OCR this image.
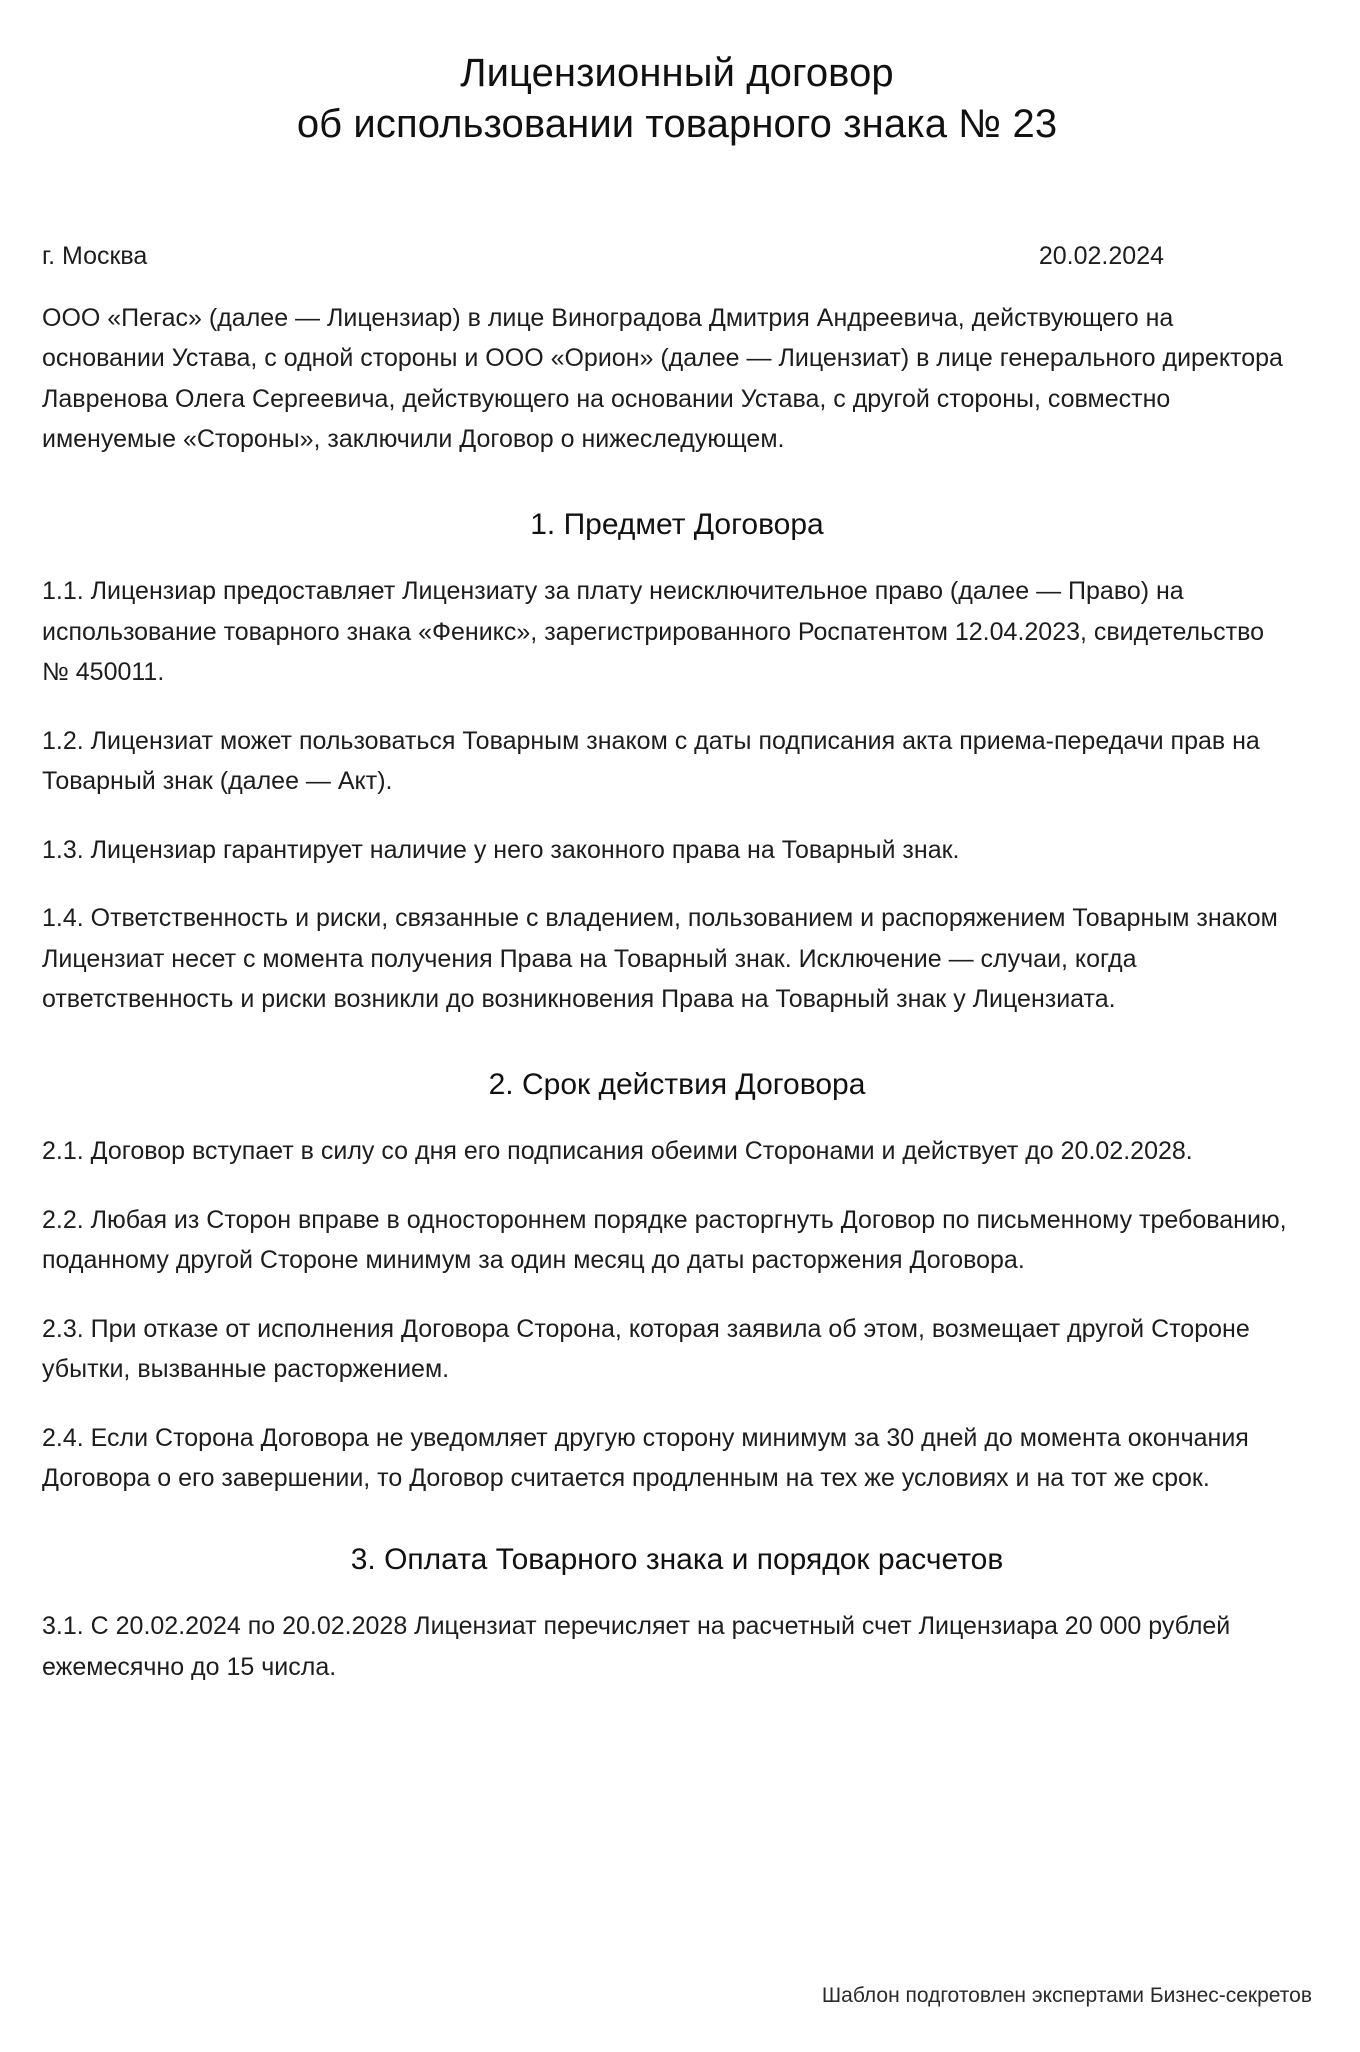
Лицензионный договор
об использовании товарного знака № 23
г. Москва	20.02.2024

ООО «Пегас» (далее — Лицензиар) в лице Виноградова Дмитрия Андреевича, действующего на основании Устава, с одной стороны и ООО «Орион» (далее — Лицензиат) в лице генерального директора Лавренова Олега Сергеевича, действующего на основании Устава, с другой стороны, совместно именуемые «Стороны», заключили Договор о нижеследующем.

1. Предмет Договора

1.1. Лицензиар предоставляет Лицензиату за плату неисключительное право (далее — Право) на использование товарного знака «Феникс», зарегистрированного Роспатентом 12.04.2023, свидетельство № 450011.

1.2. Лицензиат может пользоваться Товарным знаком с даты подписания акта приема-передачи прав на Товарный знак (далее — Акт).

1.3. Лицензиар гарантирует наличие у него законного права на Товарный знак.

1.4. Ответственность и риски, связанные с владением, пользованием и распоряжением Товарным знаком Лицензиат несет с момента получения Права на Товарный знак. Исключение — случаи, когда ответственность и риски возникли до возникновения Права на Товарный знак у Лицензиата.

2. Срок действия Договора

2.1. Договор вступает в силу со дня его подписания обеими Сторонами и действует до 20.02.2028.

2.2. Любая из Сторон вправе в одностороннем порядке расторгнуть Договор по письменному требованию, поданному другой Стороне минимум за один месяц до даты расторжения Договора.

2.3. При отказе от исполнения Договора Сторона, которая заявила об этом, возмещает другой Стороне убытки, вызванные расторжением.

2.4. Если Сторона Договора не уведомляет другую сторону минимум за 30 дней до момента окончания Договора о его завершении, то Договор считается продленным на тех же условиях и на тот же срок.

3. Оплата Товарного знака и порядок расчетов

3.1. С 20.02.2024 по 20.02.2028 Лицензиат перечисляет на расчетный счет Лицензиара 20 000 рублей ежемесячно до 15 числа.

Шаблон подготовлен экспертами Бизнес-секретов
